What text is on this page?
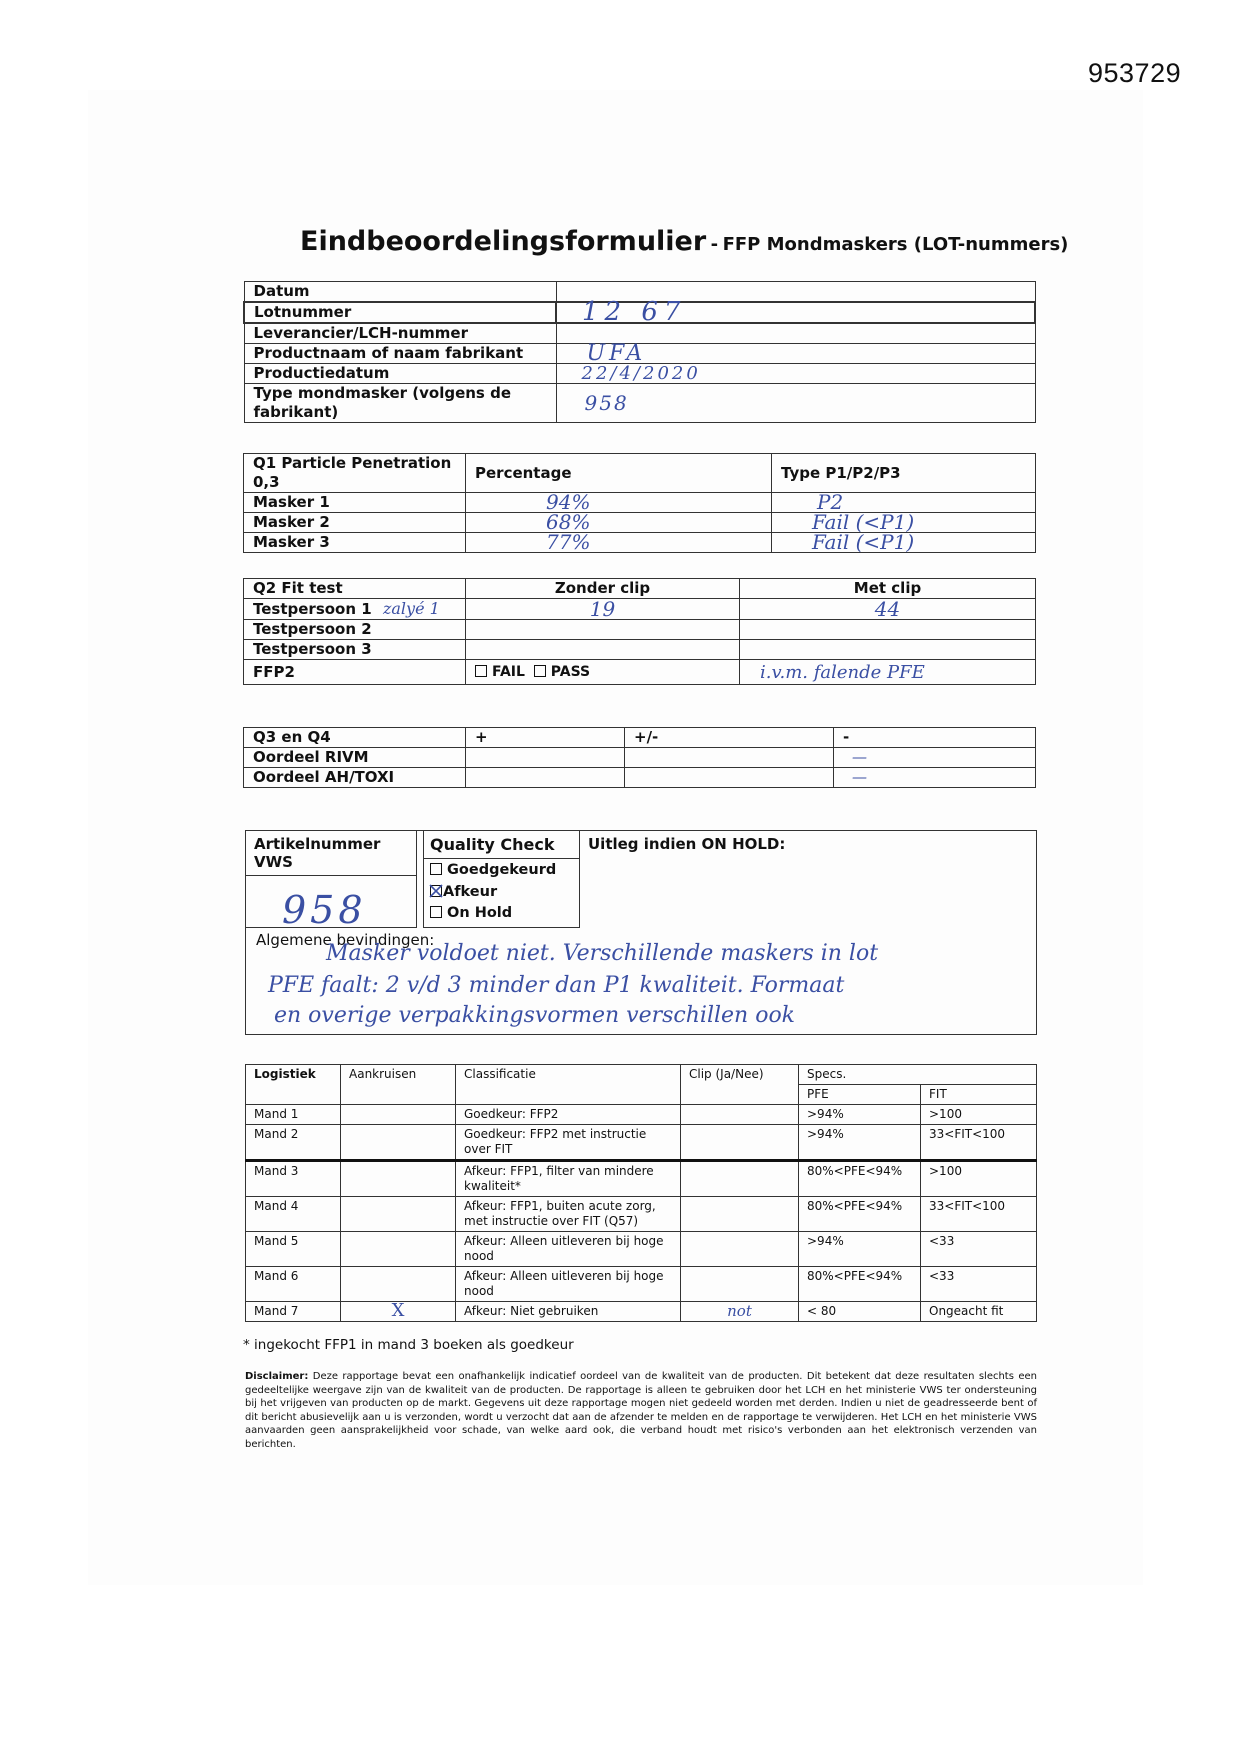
953729
Eindbeoordelingsformulier - FFP Mondmaskers (LOT-nummers)
Datum	
Lotnummer	12 67
Leverancier/LCH-nummer	
Productnaam of naam fabrikant	UFA
Productiedatum	22/4/2020
Type mondmasker (volgens de fabrikant)	958
Q1 Particle Penetration 0,3	Percentage	Type P1/P2/P3
Masker 1	94%	P2
Masker 2	68%	Fail (<P1)
Masker 3	77%	Fail (<P1)
Q2 Fit test	Zonder clip	Met clip
Testpersoon 1 zalyé 1	19	44
Testpersoon 2		
Testpersoon 3		
FFP2	FAIL PASS	i.v.m. falende PFE
Q3 en Q4	+	+/-	-
Oordeel RIVM			—
Oordeel AH/TOXI			—
Artikelnummer VWS
958
Quality Check
Goedgekeurd
Afkeur
On Hold
Uitleg indien ON HOLD:
Algemene bevindingen:
Masker voldoet niet. Verschillende maskers in lot
PFE faalt: 2 v/d 3 minder dan P1 kwaliteit. Formaat
en overige verpakkingsvormen verschillen ook
Logistiek	Aankruisen	Classificatie	Clip (Ja/Nee)	Specs.	
				PFE	FIT
Mand 1		Goedkeur: FFP2		>94%	>100
Mand 2		Goedkeur: FFP2 met instructie over FIT		>94%	33<FIT<100
Mand 3		Afkeur: FFP1, filter van mindere kwaliteit*		80%<PFE<94%	>100
Mand 4		Afkeur: FFP1, buiten acute zorg, met instructie over FIT (Q57)		80%<PFE<94%	33<FIT<100
Mand 5		Afkeur: Alleen uitleveren bij hoge nood		>94%	<33
Mand 6		Afkeur: Alleen uitleveren bij hoge nood		80%<PFE<94%	<33
Mand 7	X	Afkeur: Niet gebruiken	not	< 80	Ongeacht fit
* ingekocht FFP1 in mand 3 boeken als goedkeur
Disclaimer: Deze rapportage bevat een onafhankelijk indicatief oordeel van de kwaliteit van de producten. Dit betekent dat deze resultaten slechts een gedeeltelijke weergave zijn van de kwaliteit van de producten. De rapportage is alleen te gebruiken door het LCH en het ministerie VWS ter ondersteuning bij het vrijgeven van producten op de markt. Gegevens uit deze rapportage mogen niet gedeeld worden met derden. Indien u niet de geadresseerde bent of dit bericht abusievelijk aan u is verzonden, wordt u verzocht dat aan de afzender te melden en de rapportage te verwijderen. Het LCH en het ministerie VWS aanvaarden geen aansprakelijkheid voor schade, van welke aard ook, die verband houdt met risico's verbonden aan het elektronisch verzenden van berichten.
